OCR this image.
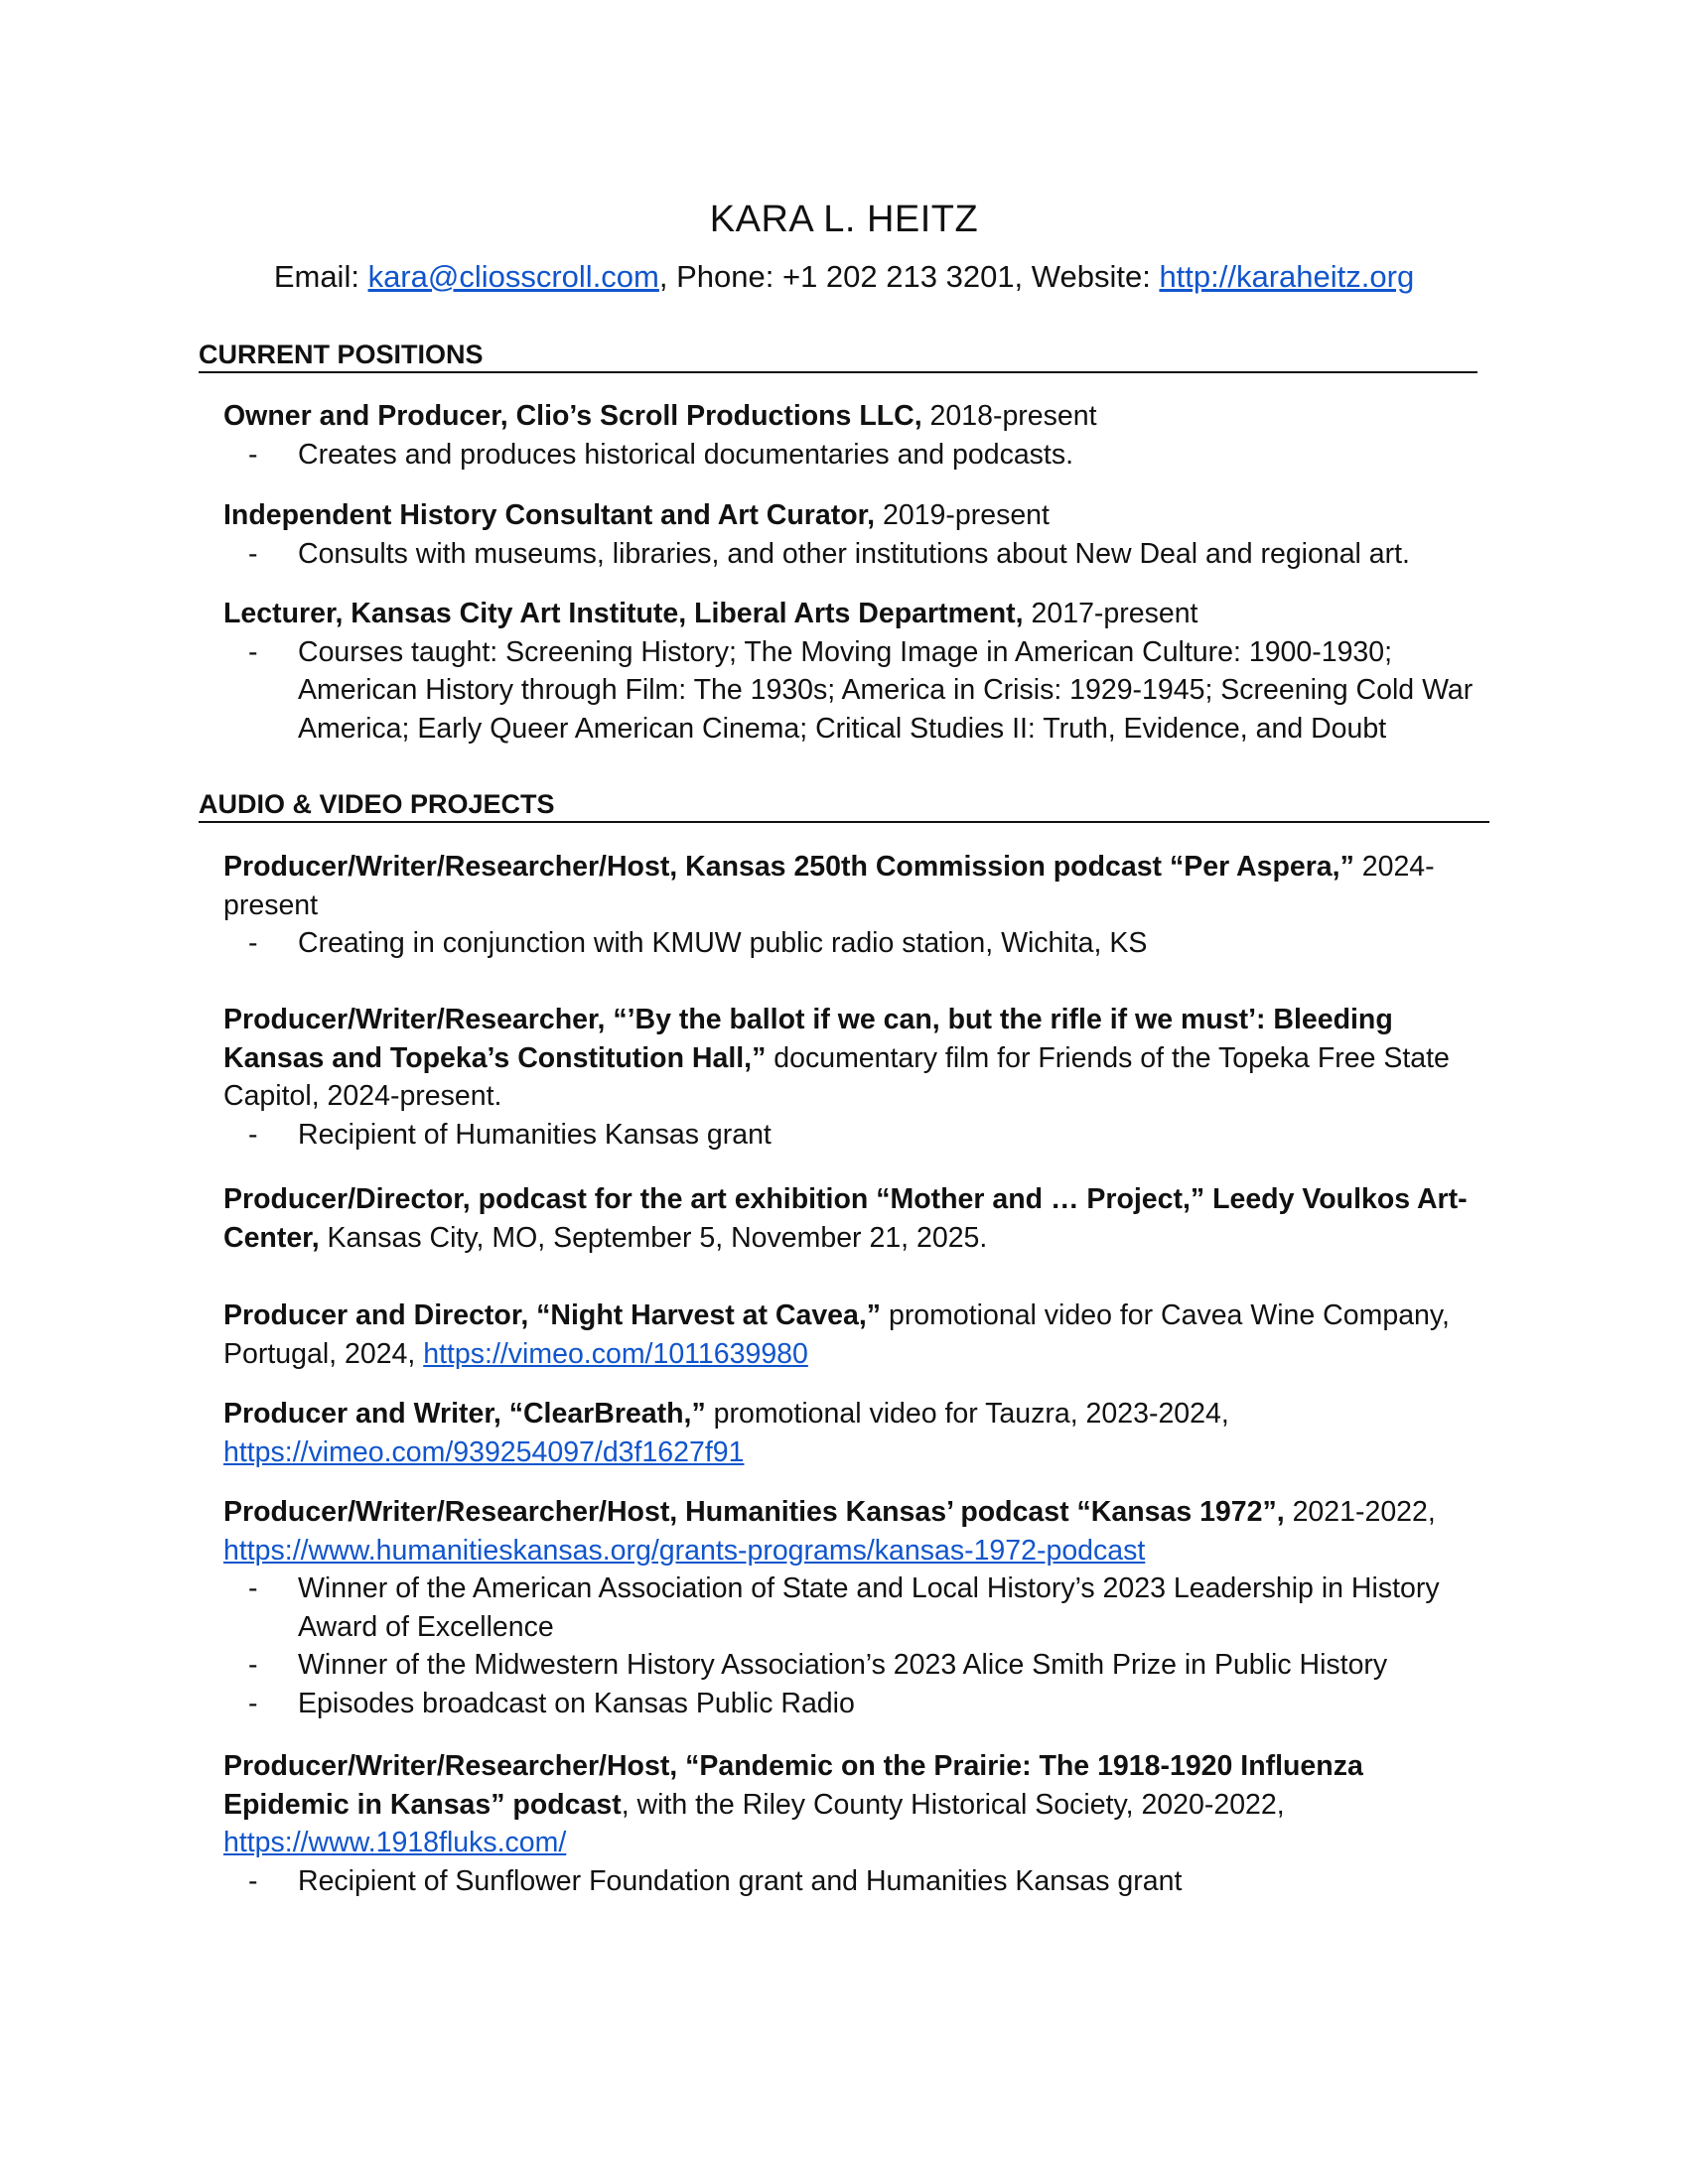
KARA L. HEITZ
Email: kara@cliosscroll.com, Phone: +1 202 213 3201, Website: http://karaheitz.org
CURRENT POSITIONS
Owner and Producer, Clio’s Scroll Productions LLC, 2018-present
- Creates and produces historical documentaries and podcasts.
Independent History Consultant and Art Curator, 2019-present
- Consults with museums, libraries, and other institutions about New Deal and regional art.
Lecturer, Kansas City Art Institute, Liberal Arts Department, 2017-present
- Courses taught: Screening History; The Moving Image in American Culture: 1900-1930; American History through Film: The 1930s; America in Crisis: 1929-1945; Screening Cold War America; Early Queer American Cinema; Critical Studies II: Truth, Evidence, and Doubt
AUDIO & VIDEO PROJECTS
Producer/Writer/Researcher/Host, Kansas 250th Commission podcast “Per Aspera,” 2024-present
- Creating in conjunction with KMUW public radio station, Wichita, KS
Producer/Writer/Researcher, “’By the ballot if we can, but the rifle if we must’: Bleeding Kansas and Topeka’s Constitution Hall,” documentary film for Friends of the Topeka Free State Capitol, 2024-present.
- Recipient of Humanities Kansas grant
Producer/Director, podcast for the art exhibition “Mother and … Project,” Leedy Voulkos Art-Center, Kansas City, MO, September 5, November 21, 2025.
Producer and Director, “Night Harvest at Cavea,” promotional video for Cavea Wine Company, Portugal, 2024, https://vimeo.com/1011639980
Producer and Writer, “ClearBreath,” promotional video for Tauzra, 2023-2024, https://vimeo.com/939254097/d3f1627f91
Producer/Writer/Researcher/Host, Humanities Kansas’ podcast “Kansas 1972”, 2021-2022, https://www.humanitieskansas.org/grants-programs/kansas-1972-podcast
- Winner of the American Association of State and Local History’s 2023 Leadership in History Award of Excellence
- Winner of the Midwestern History Association’s 2023 Alice Smith Prize in Public History
- Episodes broadcast on Kansas Public Radio
Producer/Writer/Researcher/Host, “Pandemic on the Prairie: The 1918-1920 Influenza Epidemic in Kansas” podcast, with the Riley County Historical Society, 2020-2022, https://www.1918fluks.com/
- Recipient of Sunflower Foundation grant and Humanities Kansas grant
